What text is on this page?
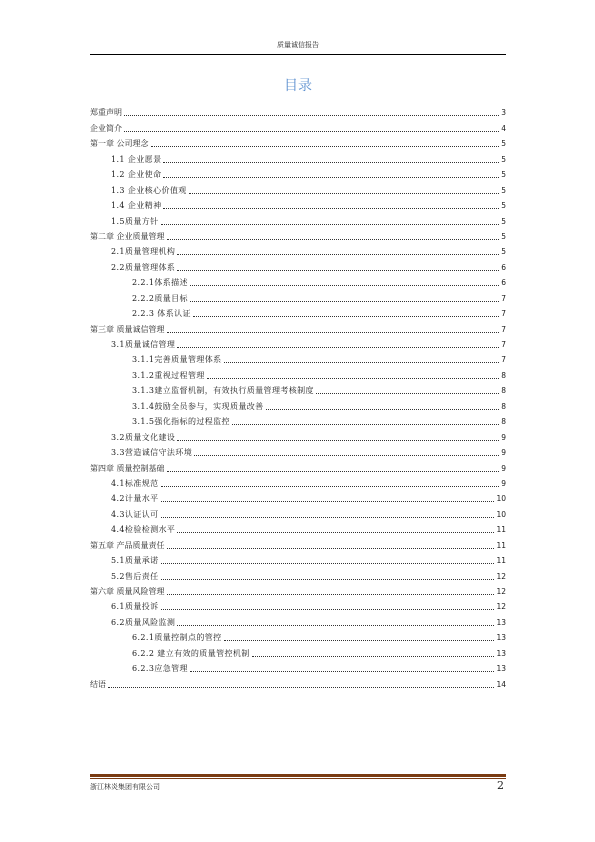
质量诚信报告
目录
郑重声明	3
企业简介	4
第一章 公司理念	5
1.1 企业愿景	5
1.2 企业使命	5
1.3 企业核心价值观	5
1.4 企业精神	5
1.5质量方针	5
第二章 企业质量管理	5
2.1质量管理机构	5
2.2质量管理体系	6
2.2.1体系描述	6
2.2.2质量目标	7
2.2.3 体系认证	7
第三章 质量诚信管理	7
3.1质量诚信管理	7
3.1.1完善质量管理体系	7
3.1.2重视过程管理	8
3.1.3建立监督机制，有效执行质量管理考核制度	8
3.1.4鼓励全员参与，实现质量改善	8
3.1.5强化指标的过程监控	8
3.2质量文化建设	9
3.3营造诚信守法环境	9
第四章 质量控制基础	9
4.1标准规范	9
4.2计量水平	10
4.3认证认可	10
4.4检验检测水平	11
第五章 产品质量责任	11
5.1质量承诺	11
5.2售后责任	12
第六章 质量风险管理	12
6.1质量投诉	12
6.2质量风险监测	13
6.2.1质量控制点的管控	13
6.2.2 建立有效的质量管控机制	13
6.2.3应急管理	13
结语	14
浙江林炎集团有限公司	2
